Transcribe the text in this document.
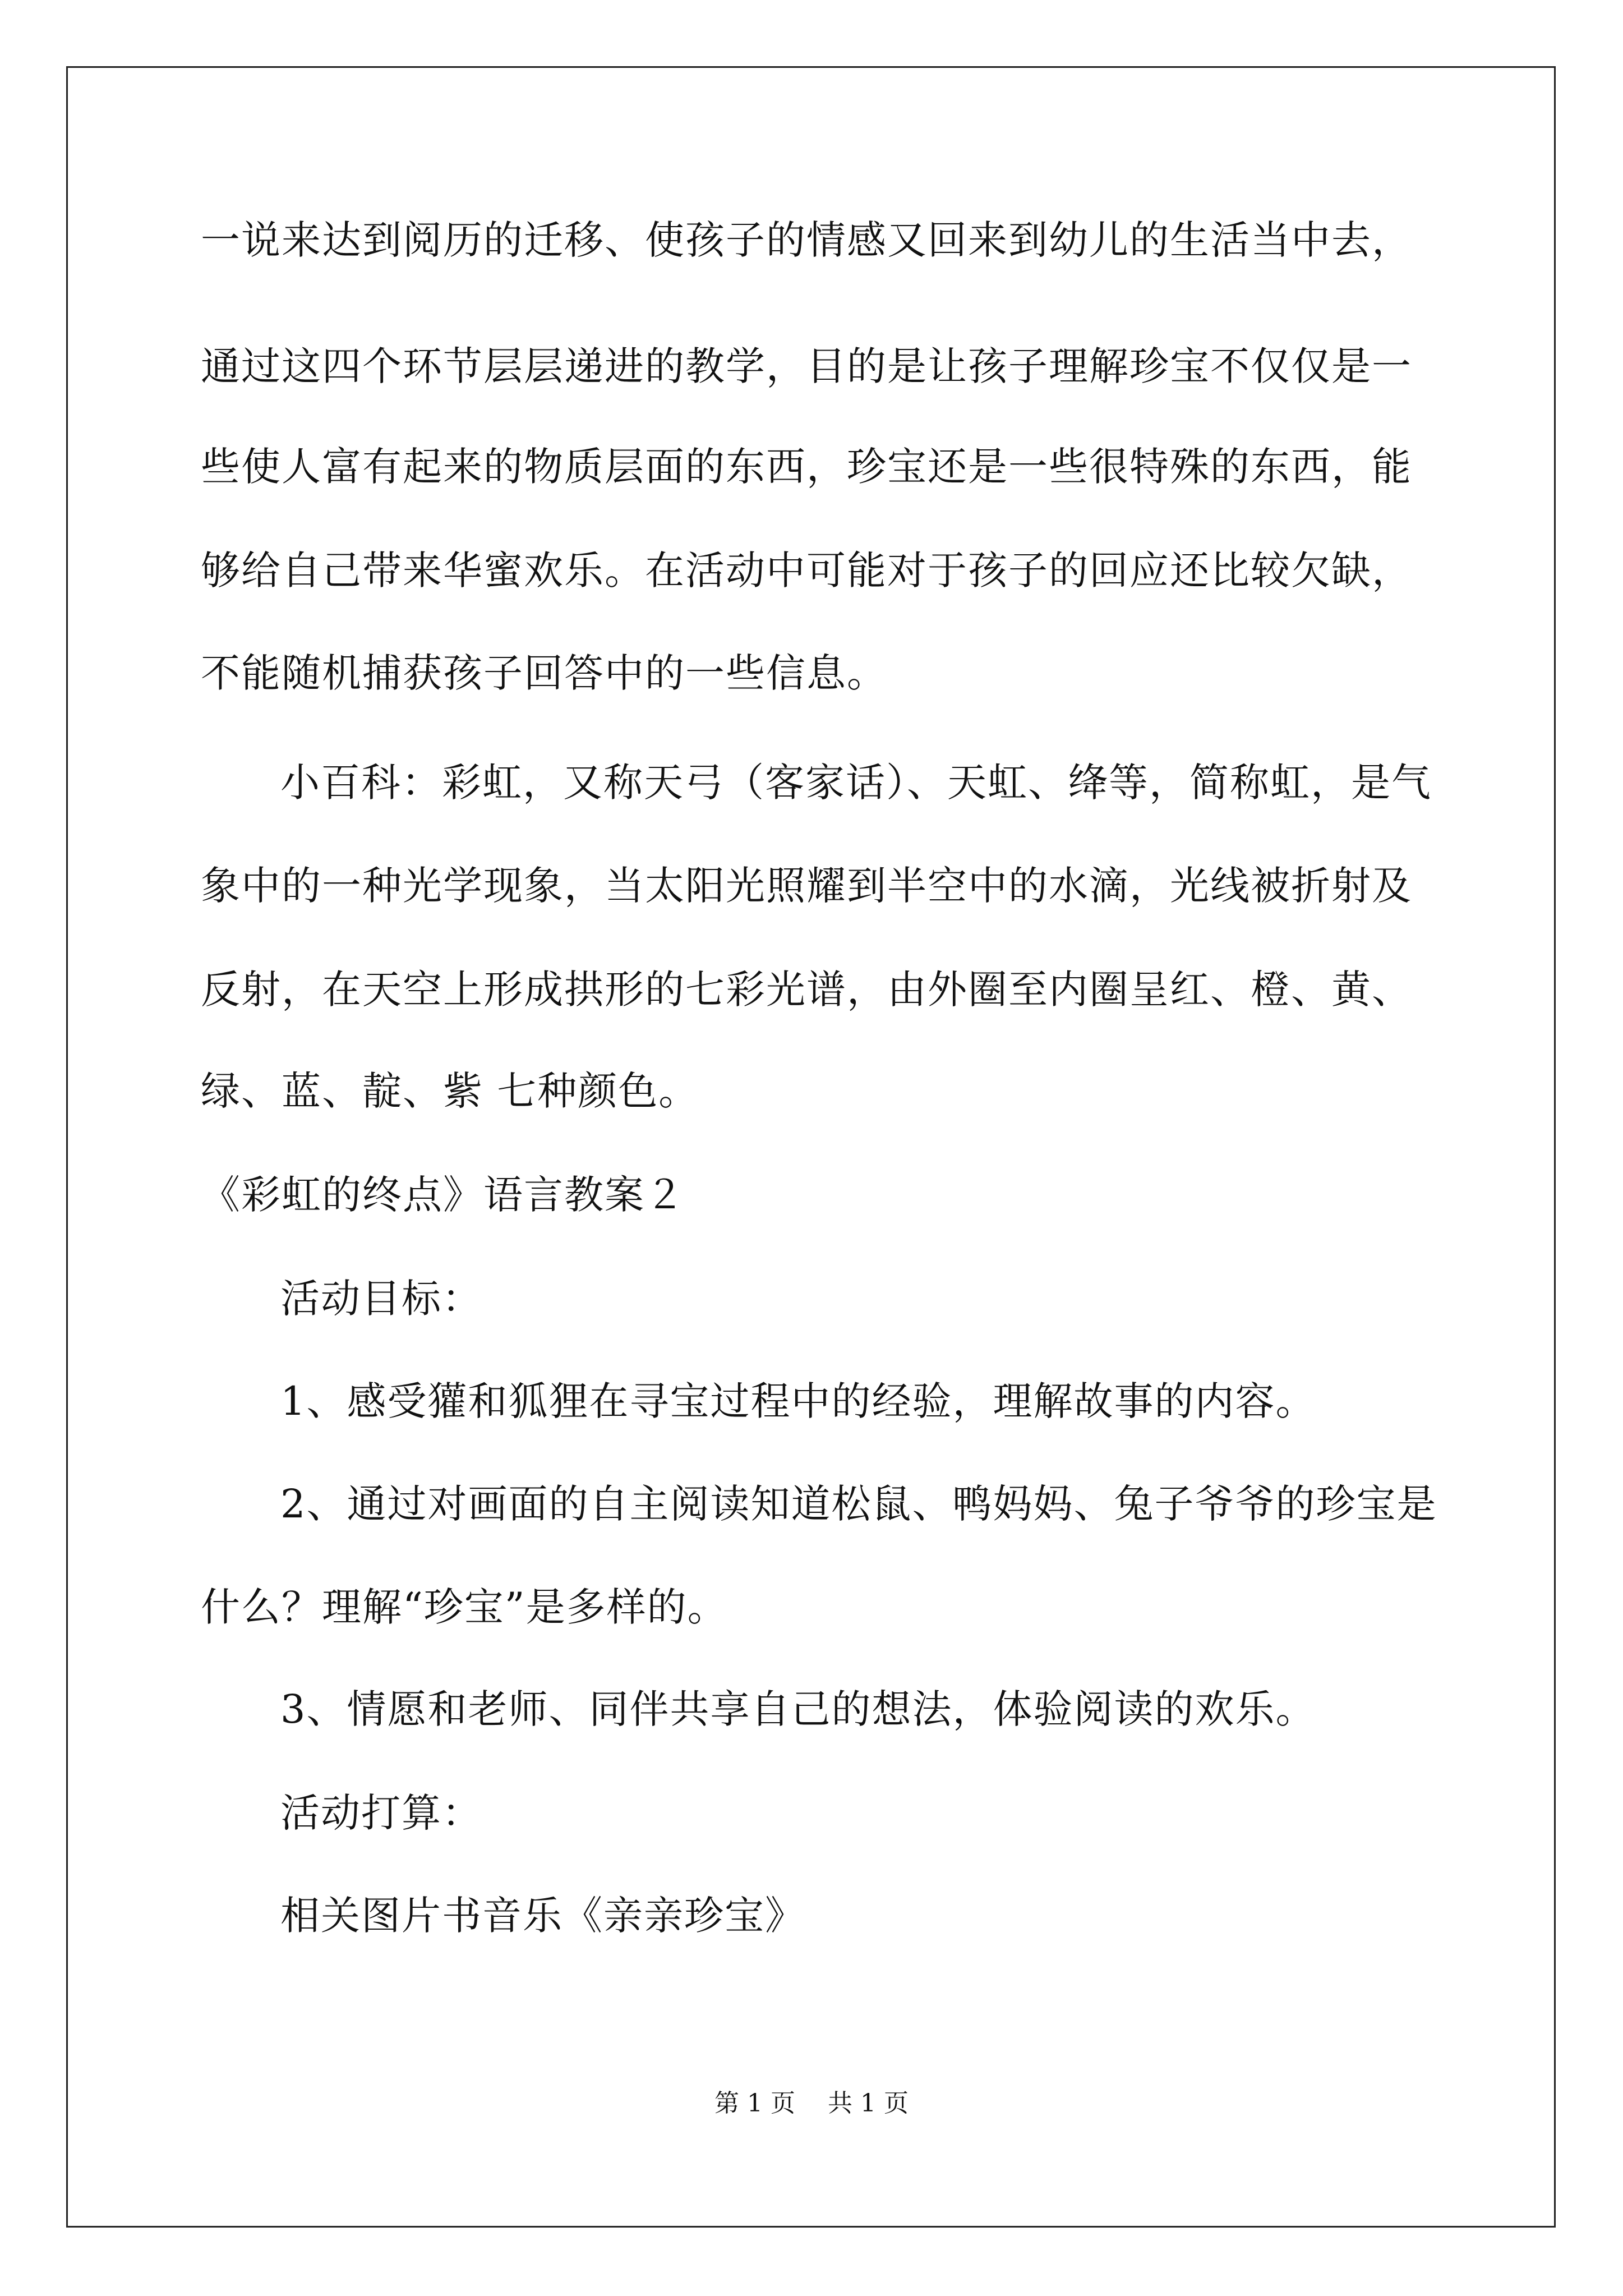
一说来达到阅历的迁移、使孩子的情感又回来到幼儿的生活当中去，
通过这四个环节层层递进的教学，目的是让孩子理解珍宝不仅仅是一
些使人富有起来的物质层面的东西，珍宝还是一些很特殊的东西，能
够给自己带来华蜜欢乐。在活动中可能对于孩子的回应还比较欠缺，
不能随机捕获孩子回答中的一些信息。
小百科：彩虹，又称天弓（客家话）、天虹、绛等，简称虹，是气
象中的一种光学现象，当太阳光照耀到半空中的水滴，光线被折射及
反射，在天空上形成拱形的七彩光谱，由外圈至内圈呈红、橙、黄、
绿、蓝、靛、紫 七种颜色。
《彩虹的终点》语言教案２
活动目标：
1、感受獾和狐狸在寻宝过程中的经验，理解故事的内容。
2、通过对画面的自主阅读知道松鼠、鸭妈妈、兔子爷爷的珍宝是
什么？理解“珍宝”是多样的。
3、情愿和老师、同伴共享自己的想法，体验阅读的欢乐。
活动打算：
相关图片书音乐《亲亲珍宝》
第 1 页　 共 1 页
